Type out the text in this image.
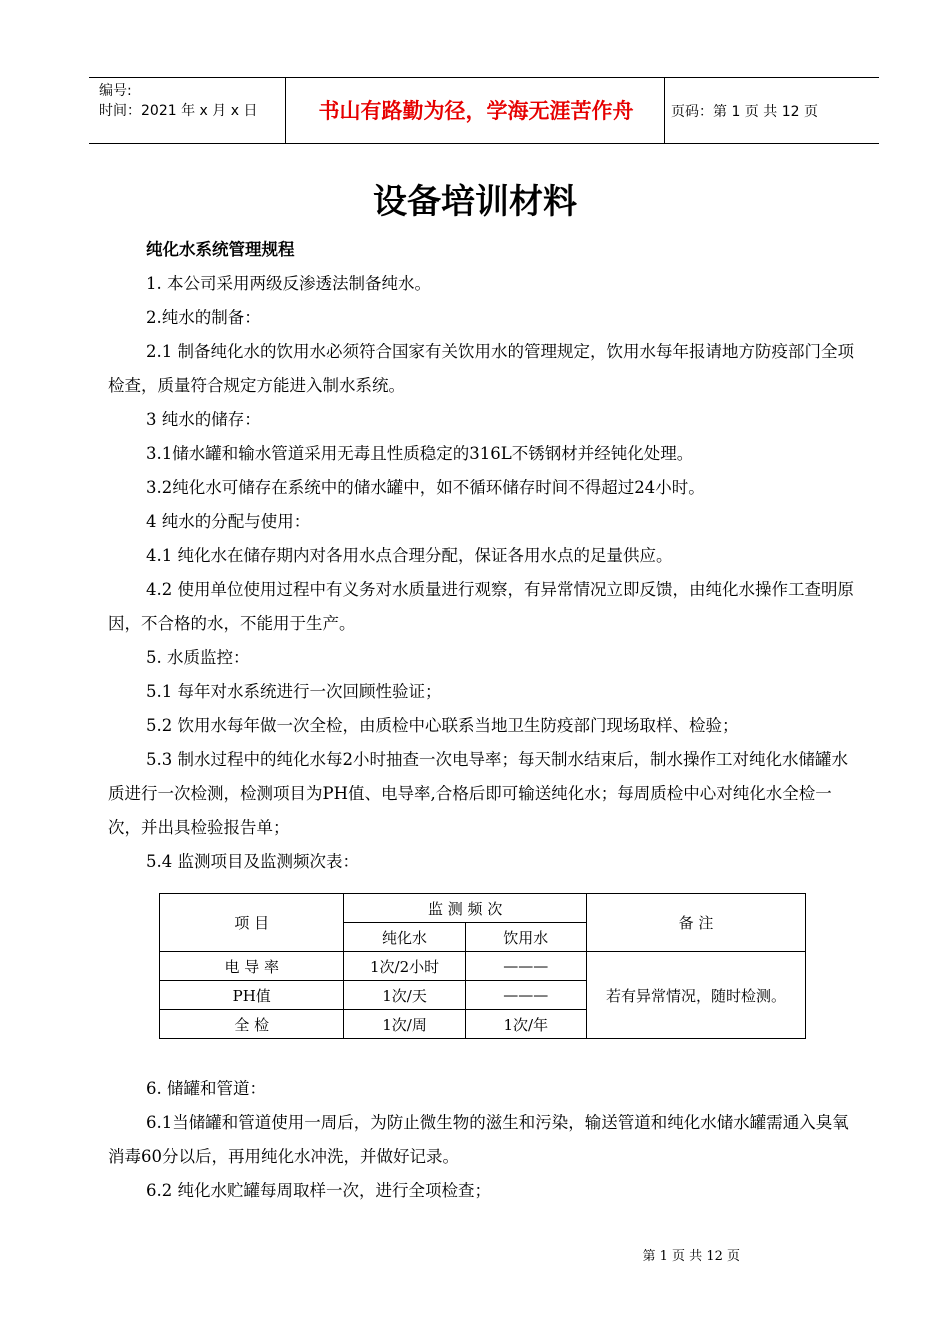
编号:
时间：2021 年 x 月 x 日	书山有路勤为径，学海无涯苦作舟	页码：第 1 页 共 12 页
设备培训材料

纯化水系统管理规程

1. 本公司采用两级反渗透法制备纯水。

2.纯水的制备：

2.1 制备纯化水的饮用水必须符合国家有关饮用水的管理规定，饮用水每年报请地方防疫部门全项检查，质量符合规定方能进入制水系统。

3 纯水的储存：

3.1储水罐和输水管道采用无毒且性质稳定的316L不锈钢材并经钝化处理。

3.2纯化水可储存在系统中的储水罐中，如不循环储存时间不得超过24小时。

4 纯水的分配与使用：

4.1 纯化水在储存期内对各用水点合理分配，保证各用水点的足量供应。

4.2 使用单位使用过程中有义务对水质量进行观察，有异常情况立即反馈，由纯化水操作工查明原因，不合格的水，不能用于生产。

5. 水质监控：

5.1 每年对水系统进行一次回顾性验证；

5.2 饮用水每年做一次全检，由质检中心联系当地卫生防疫部门现场取样、检验；

5.3 制水过程中的纯化水每2小时抽查一次电导率；每天制水结束后，制水操作工对纯化水储罐水质进行一次检测，检测项目为PH值、电导率,合格后即可输送纯化水；每周质检中心对纯化水全检一次，并出具检验报告单；

5.4 监测项目及监测频次表：

项 目	监 测 频 次		备 注
	纯化水	饮用水	
电 导 率	1次/2小时	———	若有异常情况，随时检测。
PH值	1次/天	———	
全 检	1次/周	1次/年	

6. 储罐和管道：

6.1当储罐和管道使用一周后，为防止微生物的滋生和污染，输送管道和纯化水储水罐需通入臭氧消毒60分以后，再用纯化水冲洗，并做好记录。

6.2 纯化水贮罐每周取样一次，进行全项检查；

第 1 页 共 12 页
